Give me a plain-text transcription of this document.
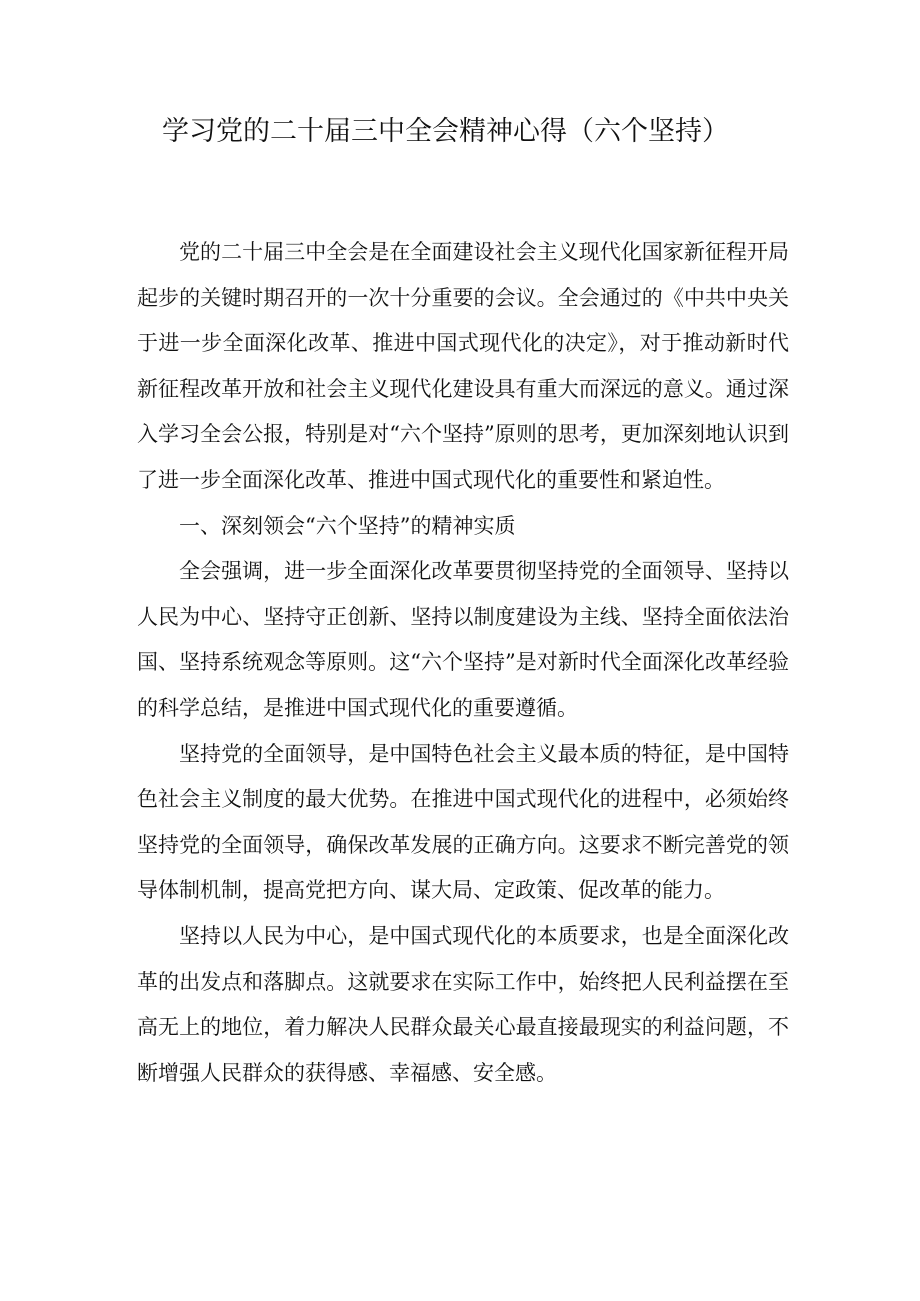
学习党的二十届三中全会精神心得（六个坚持）

党的二十届三中全会是在全面建设社会主义现代化国家新征程开局起步的关键时期召开的一次十分重要的会议。全会通过的《中共中央关于进一步全面深化改革、推进中国式现代化的决定》，对于推动新时代新征程改革开放和社会主义现代化建设具有重大而深远的意义。通过深入学习全会公报，特别是对“六个坚持”原则的思考，更加深刻地认识到了进一步全面深化改革、推进中国式现代化的重要性和紧迫性。

一、深刻领会“六个坚持”的精神实质

全会强调，进一步全面深化改革要贯彻坚持党的全面领导、坚持以人民为中心、坚持守正创新、坚持以制度建设为主线、坚持全面依法治国、坚持系统观念等原则。这“六个坚持”是对新时代全面深化改革经验的科学总结，是推进中国式现代化的重要遵循。

坚持党的全面领导，是中国特色社会主义最本质的特征，是中国特色社会主义制度的最大优势。在推进中国式现代化的进程中，必须始终坚持党的全面领导，确保改革发展的正确方向。这要求不断完善党的领导体制机制，提高党把方向、谋大局、定政策、促改革的能力。

坚持以人民为中心，是中国式现代化的本质要求，也是全面深化改革的出发点和落脚点。这就要求在实际工作中，始终把人民利益摆在至高无上的地位，着力解决人民群众最关心最直接最现实的利益问题，不断增强人民群众的获得感、幸福感、安全感。
